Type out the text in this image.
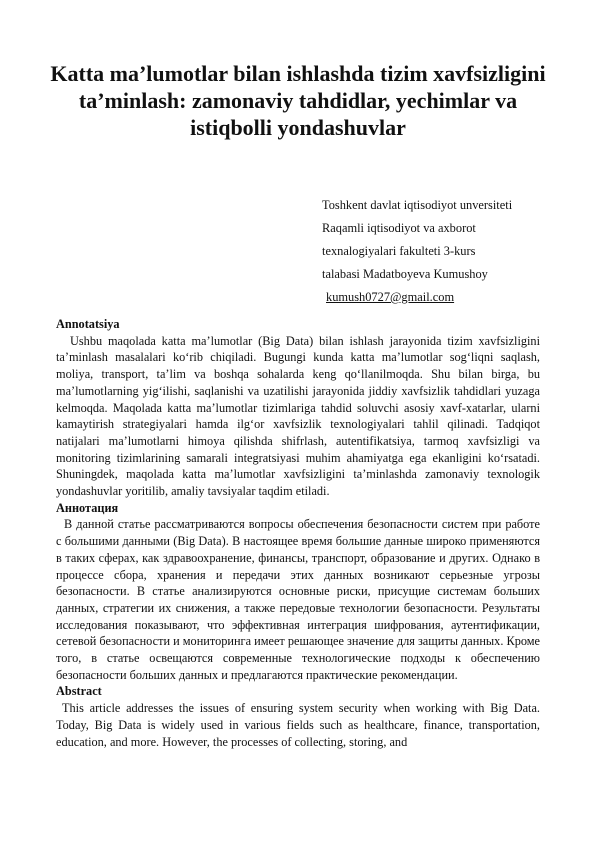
Katta ma’lumotlar bilan ishlashda tizim xavfsizligini ta’minlash: zamonaviy tahdidlar, yechimlar va istiqbolli yondashuvlar
Toshkent davlat iqtisodiyot unversiteti
Raqamli iqtisodiyot va axborot
texnalogiyalari fakulteti 3-kurs
talabasi Madatboyeva Kumushoy
kumush0727@gmail.com
Annotatsiya

Ushbu maqolada katta ma’lumotlar (Big Data) bilan ishlash jarayonida tizim xavfsizligini ta’minlash masalalari ko‘rib chiqiladi. Bugungi kunda katta ma’lumotlar sog‘liqni saqlash, moliya, transport, ta’lim va boshqa sohalarda keng qo‘llanilmoqda. Shu bilan birga, bu ma’lumotlarning yig‘ilishi, saqlanishi va uzatilishi jarayonida jiddiy xavfsizlik tahdidlari yuzaga kelmoqda. Maqolada katta ma’lumotlar tizimlariga tahdid soluvchi asosiy xavf-xatarlar, ularni kamaytirish strategiyalari hamda ilg‘or xavfsizlik texnologiyalari tahlil qilinadi. Tadqiqot natijalari ma’lumotlarni himoya qilishda shifrlash, autentifikatsiya, tarmoq xavfsizligi va monitoring tizimlarining samarali integratsiyasi muhim ahamiyatga ega ekanligini ko‘rsatadi. Shuningdek, maqolada katta ma’lumotlar xavfsizligini ta’minlashda zamonaviy texnologik yondashuvlar yoritilib, amaliy tavsiyalar taqdim etiladi.

Аннотация

В данной статье рассматриваются вопросы обеспечения безопасности систем при работе с большими данными (Big Data). В настоящее время большие данные широко применяются в таких сферах, как здравоохранение, финансы, транспорт, образование и других. Однако в процессе сбора, хранения и передачи этих данных возникают серьезные угрозы безопасности. В статье анализируются основные риски, присущие системам больших данных, стратегии их снижения, а также передовые технологии безопасности. Результаты исследования показывают, что эффективная интеграция шифрования, аутентификации, сетевой безопасности и мониторинга имеет решающее значение для защиты данных. Кроме того, в статье освещаются современные технологические подходы к обеспечению безопасности больших данных и предлагаются практические рекомендации.

Abstract

This article addresses the issues of ensuring system security when working with Big Data. Today, Big Data is widely used in various fields such as healthcare, finance, transportation, education, and more. However, the processes of collecting, storing, and
